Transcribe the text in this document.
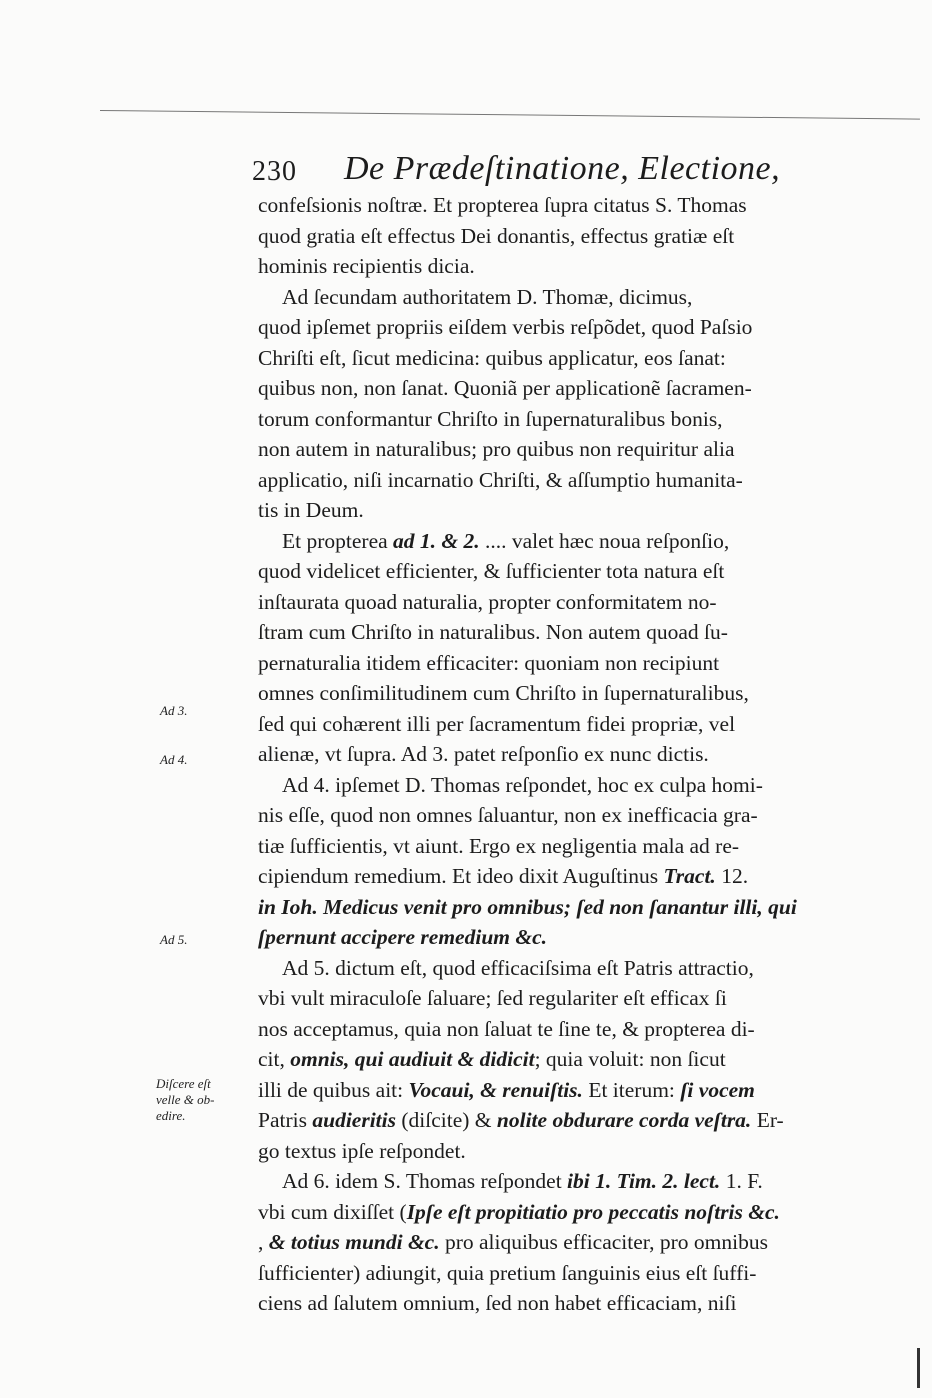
230 De Prædeſtinatione, Electione,
confeſsionis noſtræ. Et propterea ſupra citatus S. Thomas
quod gratia eſt effectus Dei donantis, effectus gratiæ eſt
hominis recipientis dicia.
Ad ſecundam authoritatem D. Thomæ, dicimus,
quod ipſemet propriis eiſdem verbis reſpõdet, quod Paſsio
Chriſti eſt, ſicut medicina: quibus applicatur, eos ſanat:
quibus non, non ſanat. Quoniã per applicationẽ ſacramen-
torum conformantur Chriſto in ſupernaturalibus bonis,
non autem in naturalibus; pro quibus non requiritur alia
applicatio, niſi incarnatio Chriſti, & aſſumptio humanita-
tis in Deum.
Et propterea ad 1. & 2. .... valet hæc noua reſponſio,
quod videlicet efficienter, & ſufficienter tota natura eſt
inſtaurata quoad naturalia, propter conformitatem no-
ſtram cum Chriſto in naturalibus. Non autem quoad ſu-
pernaturalia itidem efficaciter: quoniam non recipiunt
omnes conſimilitudinem cum Chriſto in ſupernaturalibus,
ſed qui cohærent illi per ſacramentum fidei propriæ, vel
alienæ, vt ſupra. Ad 3. patet reſponſio ex nunc dictis.
Ad 4. ipſemet D. Thomas reſpondet, hoc ex culpa homi-
nis eſſe, quod non omnes ſaluantur, non ex inefficacia gra-
tiæ ſufficientis, vt aiunt. Ergo ex negligentia mala ad re-
cipiendum remedium. Et ideo dixit Auguſtinus Tract. 12.
in Ioh. Medicus venit pro omnibus; ſed non ſanantur illi, qui
ſpernunt accipere remedium &c.
Ad 5. dictum eſt, quod efficaciſsima eſt Patris attractio,
vbi vult miraculoſe ſaluare; ſed regulariter eſt efficax ſi
nos acceptamus, quia non ſaluat te ſine te, & propterea di-
cit, omnis, qui audiuit & didicit; quia voluit: non ſicut
illi de quibus ait: Vocaui, & renuiſtis. Et iterum: ſi vocem
Patris audieritis (diſcite) & nolite obdurare corda veſtra. Er-
go textus ipſe reſpondet.
Ad 6. idem S. Thomas reſpondet ibi 1. Tim. 2. lect. 1. F.
vbi cum dixiſſet (Ipſe eſt propitiatio pro peccatis noſtris &c.
, & totius mundi &c. pro aliquibus efficaciter, pro omnibus
ſufficienter) adiungit, quia pretium ſanguinis eius eſt ſuffi-
ciens ad ſalutem omnium, ſed non habet efficaciam, niſi
Ad 3.
Ad 4.
Ad 5.
Diſcere eſt
velle & ob-
edire.
